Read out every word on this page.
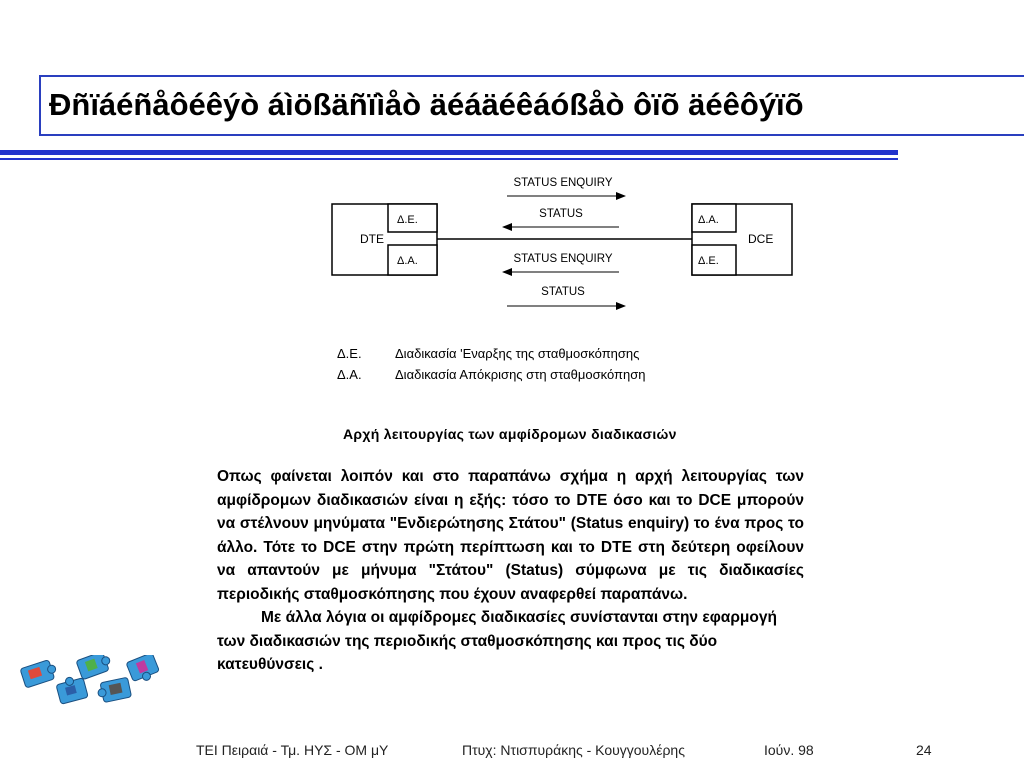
Ðñïáéñåôéêýò áìößäñïìåò äéáäéêáóßåò ôïõ äéêôýïõ
DTE
Δ.Ε.
Δ.Α.
DCE
Δ.Α.
Δ.Ε.
STATUS ENQUIRY
STATUS
STATUS ENQUIRY
STATUS
Δ.Ε.	Διαδικασία 'Εναρξης της σταθμοσκόπησης
Δ.Α.	Διαδικασία Απόκρισης στη σταθμοσκόπηση
Αρχή λειτουργίας των αμφίδρομων διαδικασιών

Οπως φαίνεται λοιπόν και στο παραπάνω σχήμα η αρχή λειτουργίας των αμφίδρομων διαδικασιών είναι η εξής: τόσο το DTE όσο και το DCE μπορούν να στέλνουν μηνύματα "Ενδιερώτησης Στάτου" (Status enquiry) το ένα προς το άλλο. Τότε το DCE στην πρώτη περίπτωση και το DTE στη δεύτερη οφείλουν να απαντούν με μήνυμα "Στάτου" (Status) σύμφωνα με τις διαδικασίες περιοδικής σταθμοσκόπησης που έχουν αναφερθεί παραπάνω.

Με άλλα λόγια οι αμφίδρομες διαδικασίες συνίστανται στην εφαρμογή των διαδικασιών της περιοδικής σταθμοσκόπησης και προς τις δύο κατευθύνσεις .

TEI Πειραιά - Τμ. ΗΥΣ - ΟΜ μΥ	Πτυχ: Ντισπυράκης - Κουγγουλέρης	Ιούν. 98	24
